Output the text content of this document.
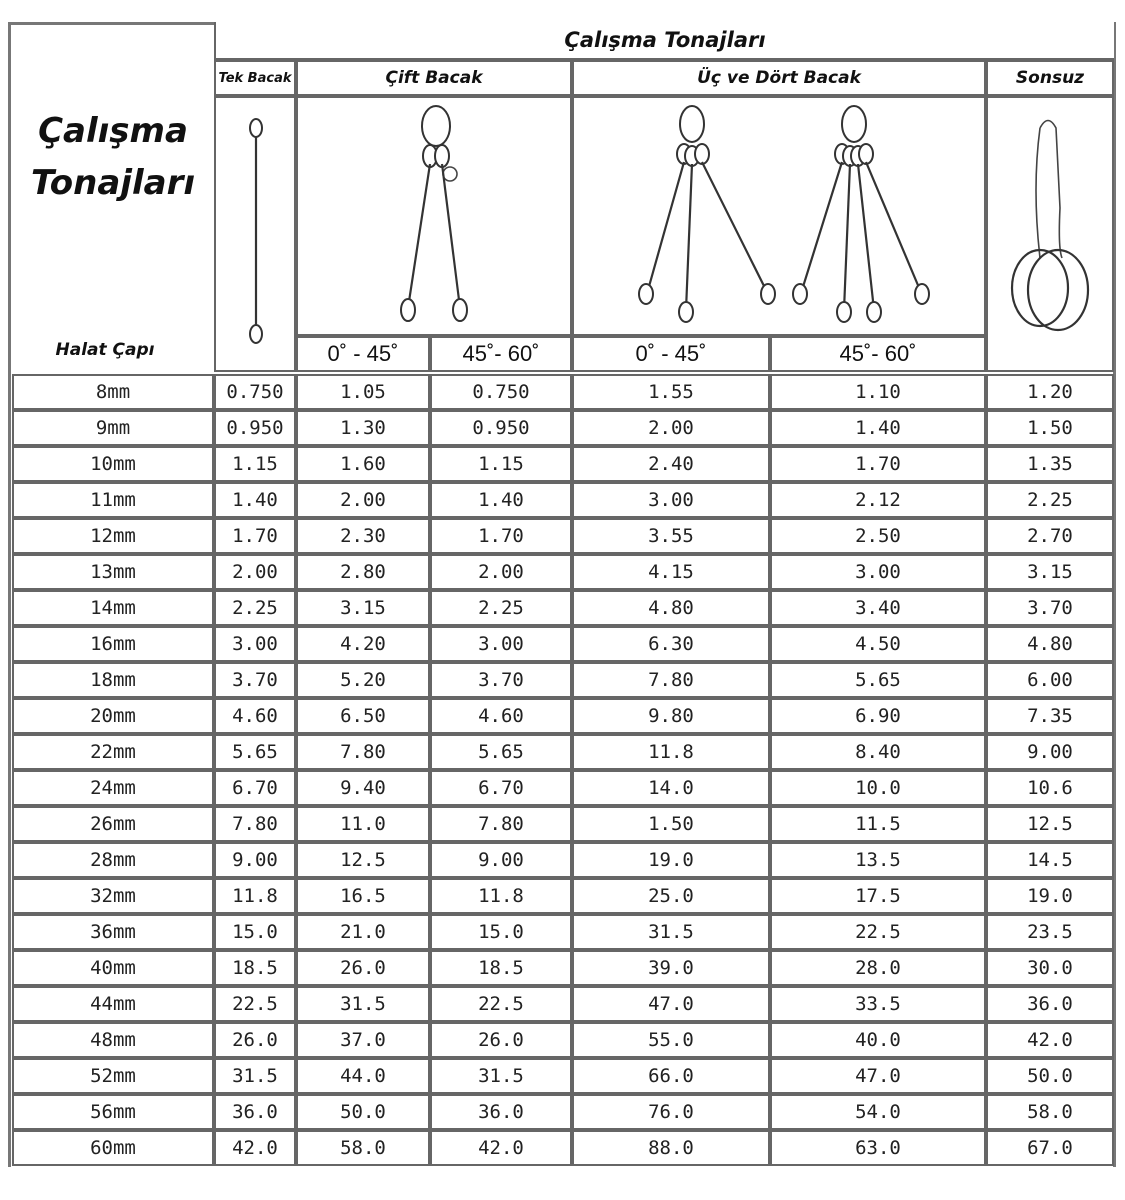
Çalışma
Tonajları
Halat Çapı
Çalışma Tonajları
Tek Bacak	Çift Bacak	Üç ve Dört Bacak	Sonsuz
0˚ - 45˚	45˚- 60˚	0˚ - 45˚	45˚- 60˚
8mm	0.750	1.05	0.750	1.55	1.10	1.20
9mm	0.950	1.30	0.950	2.00	1.40	1.50
10mm	1.15	1.60	1.15	2.40	1.70	1.35
11mm	1.40	2.00	1.40	3.00	2.12	2.25
12mm	1.70	2.30	1.70	3.55	2.50	2.70
13mm	2.00	2.80	2.00	4.15	3.00	3.15
14mm	2.25	3.15	2.25	4.80	3.40	3.70
16mm	3.00	4.20	3.00	6.30	4.50	4.80
18mm	3.70	5.20	3.70	7.80	5.65	6.00
20mm	4.60	6.50	4.60	9.80	6.90	7.35
22mm	5.65	7.80	5.65	11.8	8.40	9.00
24mm	6.70	9.40	6.70	14.0	10.0	10.6
26mm	7.80	11.0	7.80	1.50	11.5	12.5
28mm	9.00	12.5	9.00	19.0	13.5	14.5
32mm	11.8	16.5	11.8	25.0	17.5	19.0
36mm	15.0	21.0	15.0	31.5	22.5	23.5
40mm	18.5	26.0	18.5	39.0	28.0	30.0
44mm	22.5	31.5	22.5	47.0	33.5	36.0
48mm	26.0	37.0	26.0	55.0	40.0	42.0
52mm	31.5	44.0	31.5	66.0	47.0	50.0
56mm	36.0	50.0	36.0	76.0	54.0	58.0
60mm	42.0	58.0	42.0	88.0	63.0	67.0
